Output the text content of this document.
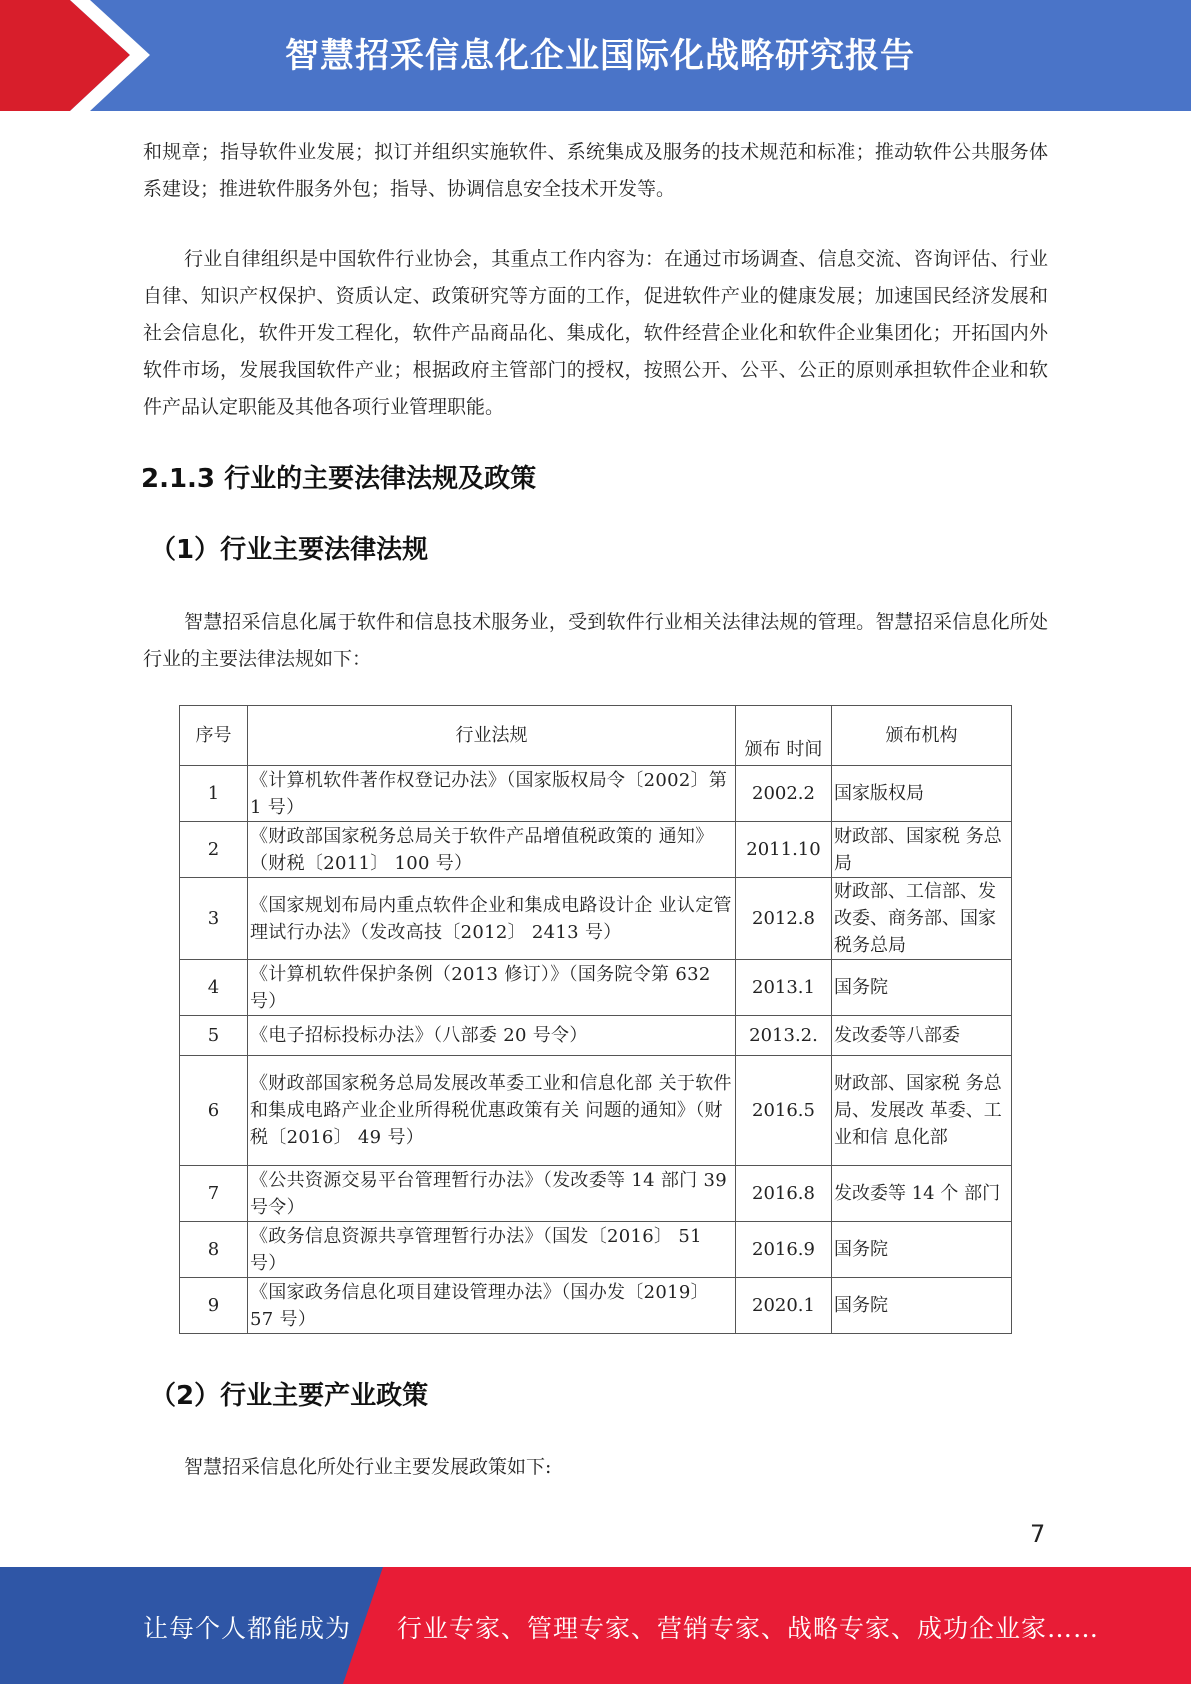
智慧招采信息化企业国际化战略研究报告

和规章；指导软件业发展；拟订并组织实施软件、系统集成及服务的技术规范和标准；推动软件公共服务体系建设；推进软件服务外包；指导、协调信息安全技术开发等。

行业自律组织是中国软件行业协会，其重点工作内容为：在通过市场调查、信息交流、咨询评估、行业自律、知识产权保护、资质认定、政策研究等方面的工作，促进软件产业的健康发展；加速国民经济发展和社会信息化，软件开发工程化，软件产品商品化、集成化，软件经营企业化和软件企业集团化；开拓国内外软件市场，发展我国软件产业；根据政府主管部门的授权，按照公开、公平、公正的原则承担软件企业和软件产品认定职能及其他各项行业管理职能。

2.1.3 行业的主要法律法规及政策
（1）行业主要法律法规

智慧招采信息化属于软件和信息技术服务业，受到软件行业相关法律法规的管理。智慧招采信息化所处行业的主要法律法规如下：

序号	行业法规	颁布 时间	颁布机构
1	《计算机软件著作权登记办法》（国家版权局令〔2002〕第 1 号）	2002.2	国家版权局
2	《财政部国家税务总局关于软件产品增值税政策的 通知》（财税〔2011〕 100 号）	2011.10	财政部、国家税 务总局
3	《国家规划布局内重点软件企业和集成电路设计企 业认定管理试行办法》（发改高技〔2012〕 2413 号）	2012.8	财政部、工信部、发改委、商务部、国家税务总局
4	《计算机软件保护条例（2013 修订）》（国务院令第 632 号）	2013.1	国务院
5	《电子招标投标办法》（八部委 20 号令）	2013.2.	发改委等八部委
6	《财政部国家税务总局发展改革委工业和信息化部 关于软件和集成电路产业企业所得税优惠政策有关 问题的通知》（财税〔2016〕 49 号）	2016.5	财政部、国家税 务总局、发展改 革委、工业和信 息化部
7	《公共资源交易平台管理暂行办法》（发改委等 14 部门 39 号令）	2016.8	发改委等 14 个 部门
8	《政务信息资源共享管理暂行办法》（国发〔2016〕 51 号）	2016.9	国务院
9	《国家政务信息化项目建设管理办法》（国办发〔2019〕 57 号）	2020.1	国务院
（2）行业主要产业政策

智慧招采信息化所处行业主要发展政策如下:

7
让每个人都能成为 行业专家、管理专家、营销专家、战略专家、成功企业家……
